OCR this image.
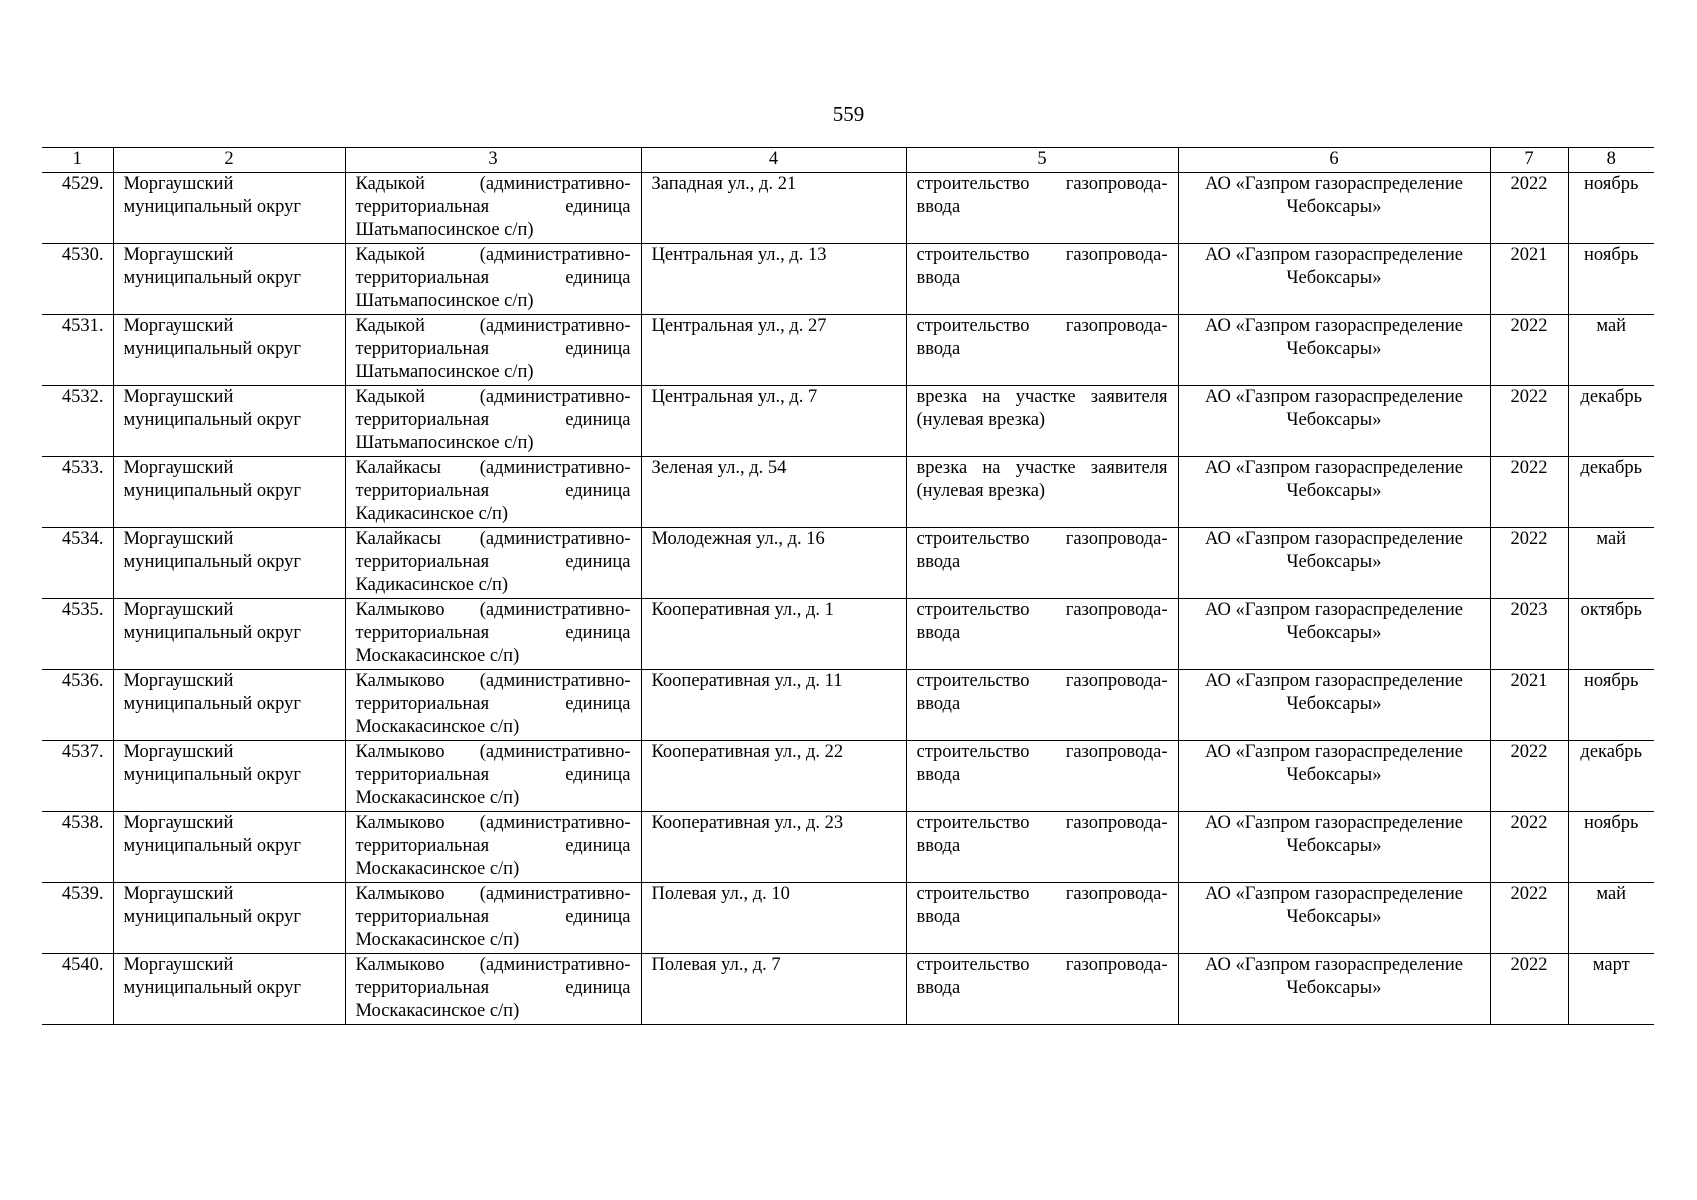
559
1	2	3	4	5	6	7	8
4529.	Моргаушский муниципальный округ	Кадыкой (административно-территориальная единица Шатьмапосинское с/п)	Западная ул., д. 21	строительство газопровода-ввода	АО «Газпром газораспределение Чебоксары»	2022	ноябрь
4530.	Моргаушский муниципальный округ	Кадыкой (административно-территориальная единица Шатьмапосинское с/п)	Центральная ул., д. 13	строительство газопровода-ввода	АО «Газпром газораспределение Чебоксары»	2021	ноябрь
4531.	Моргаушский муниципальный округ	Кадыкой (административно-территориальная единица Шатьмапосинское с/п)	Центральная ул., д. 27	строительство газопровода-ввода	АО «Газпром газораспределение Чебоксары»	2022	май
4532.	Моргаушский муниципальный округ	Кадыкой (административно-территориальная единица Шатьмапосинское с/п)	Центральная ул., д. 7	врезка на участке заявителя (нулевая врезка)	АО «Газпром газораспределение Чебоксары»	2022	декабрь
4533.	Моргаушский муниципальный округ	Калайкасы (административно-территориальная единица Кадикасинское с/п)	Зеленая ул., д. 54	врезка на участке заявителя (нулевая врезка)	АО «Газпром газораспределение Чебоксары»	2022	декабрь
4534.	Моргаушский муниципальный округ	Калайкасы (административно-территориальная единица Кадикасинское с/п)	Молодежная ул., д. 16	строительство газопровода-ввода	АО «Газпром газораспределение Чебоксары»	2022	май
4535.	Моргаушский муниципальный округ	Калмыково (административно-территориальная единица Москакасинское с/п)	Кооперативная ул., д. 1	строительство газопровода-ввода	АО «Газпром газораспределение Чебоксары»	2023	октябрь
4536.	Моргаушский муниципальный округ	Калмыково (административно-территориальная единица Москакасинское с/п)	Кооперативная ул., д. 11	строительство газопровода-ввода	АО «Газпром газораспределение Чебоксары»	2021	ноябрь
4537.	Моргаушский муниципальный округ	Калмыково (административно-территориальная единица Москакасинское с/п)	Кооперативная ул., д. 22	строительство газопровода-ввода	АО «Газпром газораспределение Чебоксары»	2022	декабрь
4538.	Моргаушский муниципальный округ	Калмыково (административно-территориальная единица Москакасинское с/п)	Кооперативная ул., д. 23	строительство газопровода-ввода	АО «Газпром газораспределение Чебоксары»	2022	ноябрь
4539.	Моргаушский муниципальный округ	Калмыково (административно-территориальная единица Москакасинское с/п)	Полевая ул., д. 10	строительство газопровода-ввода	АО «Газпром газораспределение Чебоксары»	2022	май
4540.	Моргаушский муниципальный округ	Калмыково (административно-территориальная единица Москакасинское с/п)	Полевая ул., д. 7	строительство газопровода-ввода	АО «Газпром газораспределение Чебоксары»	2022	март
